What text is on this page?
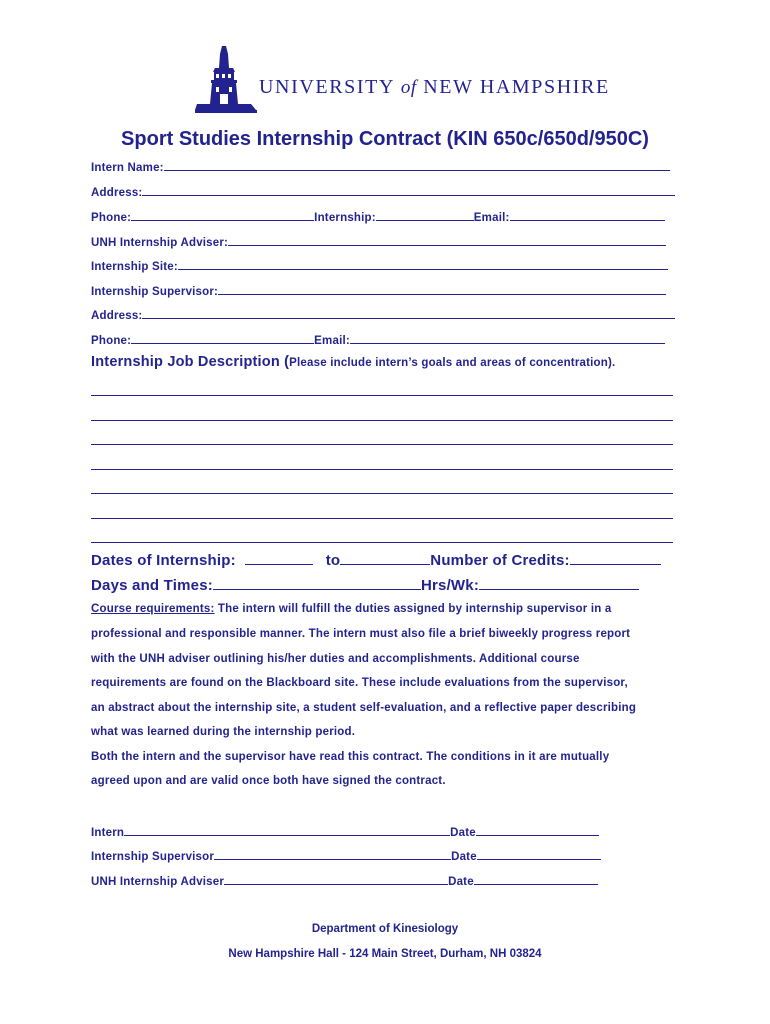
UNIVERSITY of NEW HAMPSHIRE
Sport Studies Internship Contract (KIN 650c/650d/950C)
Intern Name:
Address:
Phone:	Internship:	Email:
UNH Internship Adviser:
Internship Site:
Internship Supervisor:
Address:
Phone:	Email:
Internship Job Description (Please include intern’s goals and areas of concentration).
Dates of Internship:	to	Number of Credits:
Days and Times:	Hrs/Wk:
Course requirements: The intern will fulfill the duties assigned by internship supervisor in a
professional and responsible manner. The intern must also file a brief biweekly progress report
with the UNH adviser outlining his/her duties and accomplishments. Additional course
requirements are found on the Blackboard site. These include evaluations from the supervisor,
an abstract about the internship site, a student self-evaluation, and a reflective paper describing
what was learned during the internship period.
Both the intern and the supervisor have read this contract. The conditions in it are mutually
agreed upon and are valid once both have signed the contract.
Intern	Date
Internship Supervisor	Date
UNH Internship Adviser	Date
Department of Kinesiology
New Hampshire Hall - 124 Main Street, Durham, NH 03824
